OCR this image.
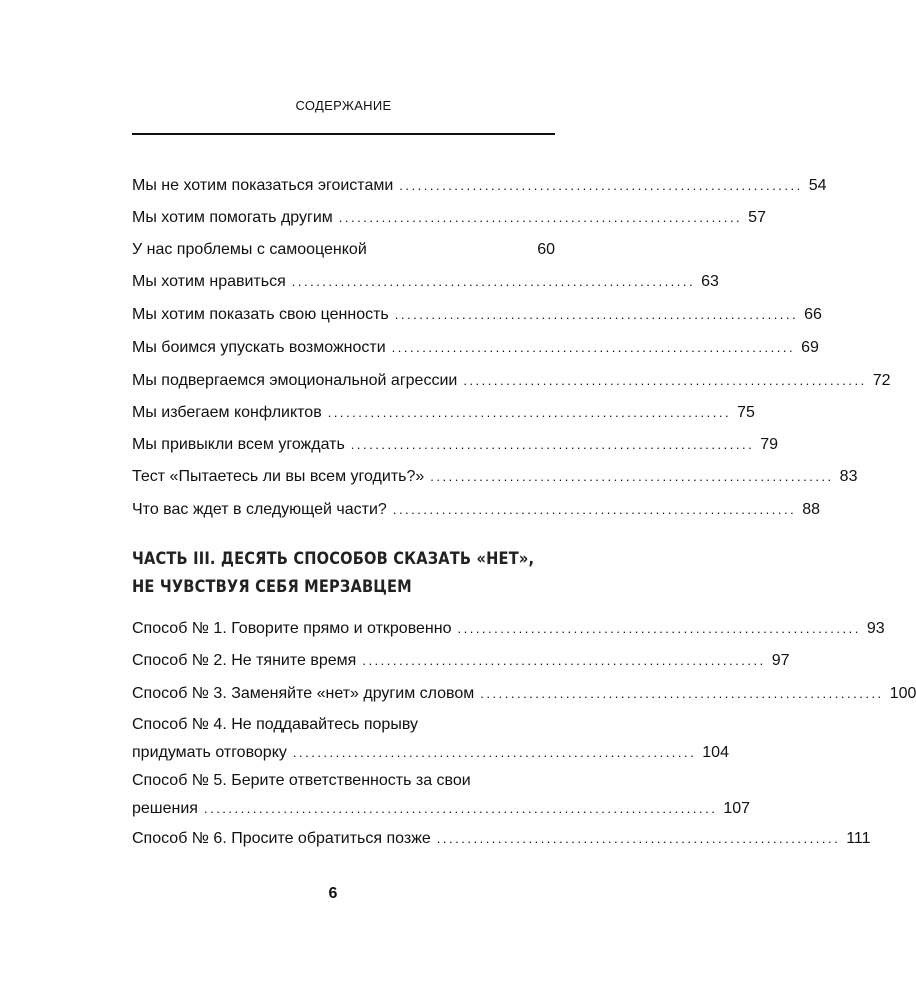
СОДЕРЖАНИЕ
Мы не хотим показаться эгоистами .................................................................. 54
Мы хотим помогать другим .................................................................. 57
У нас проблемы с самооценкой	60
Мы хотим нравиться .................................................................. 63
Мы хотим показать свою ценность .................................................................. 66
Мы боимся упускать возможности .................................................................. 69
Мы подвергаемся эмоциональной агрессии .................................................................. 72
Мы избегаем конфликтов .................................................................. 75
Мы привыкли всем угождать .................................................................. 79
Тест «Пытаетесь ли вы всем угодить?» .................................................................. 83
Что вас ждет в следующей части? .................................................................. 88
Способ № 1. Говорите прямо и откровенно .................................................................. 93
Способ № 2. Не тяните время .................................................................. 97
Способ № 3. Заменяйте «нет» другим словом .................................................................. 100
Способ № 4. Не поддавайтесь порыву
придумать отговорку .................................................................. 104
Способ № 5. Берите ответственность за свои
решения .................................................................................... 107
Способ № 6. Просите обратиться позже .................................................................. 111
ЧАСТЬ III. ДЕСЯТЬ СПОСОБОВ СКАЗАТЬ «НЕТ»,
НЕ ЧУВСТВУЯ СЕБЯ МЕРЗАВЦЕМ
6
